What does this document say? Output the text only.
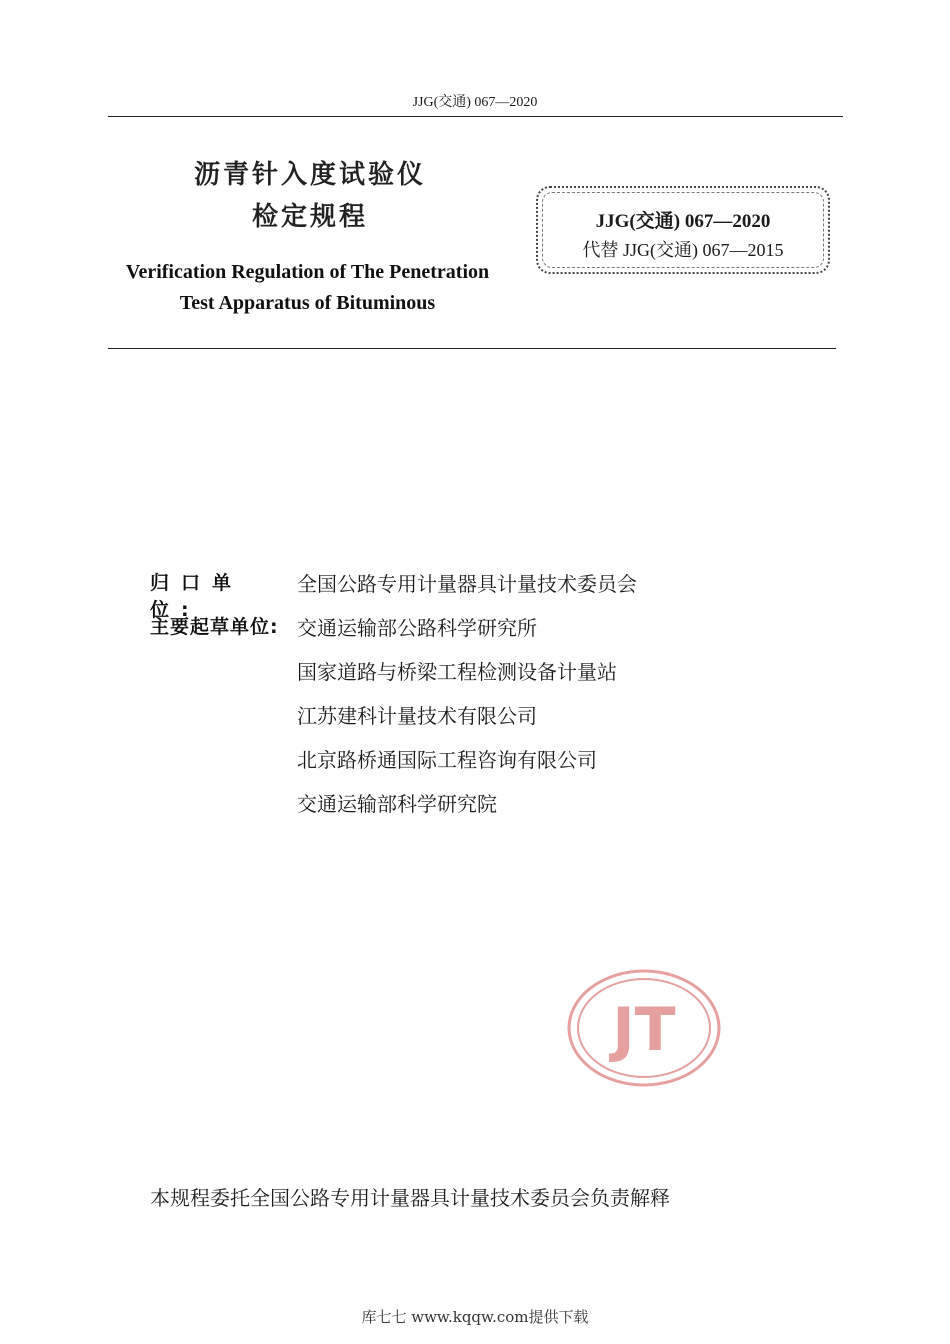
JJG(交通) 067—2020
沥青针入度试验仪
检定规程
Verification Regulation of The Penetration
Test Apparatus of Bituminous
JJG(交通) 067—2020
代替 JJG(交通) 067—2015
归口单位:
全国公路专用计量器具计量技术委员会
主要起草单位: 交通运输部公路科学研究所
国家道路与桥梁工程检测设备计量站
江苏建科计量技术有限公司
北京路桥通国际工程咨询有限公司
交通运输部科学研究院
JT
本规程委托全国公路专用计量器具计量技术委员会负责解释
库七七 www.kqqw.com提供下载
